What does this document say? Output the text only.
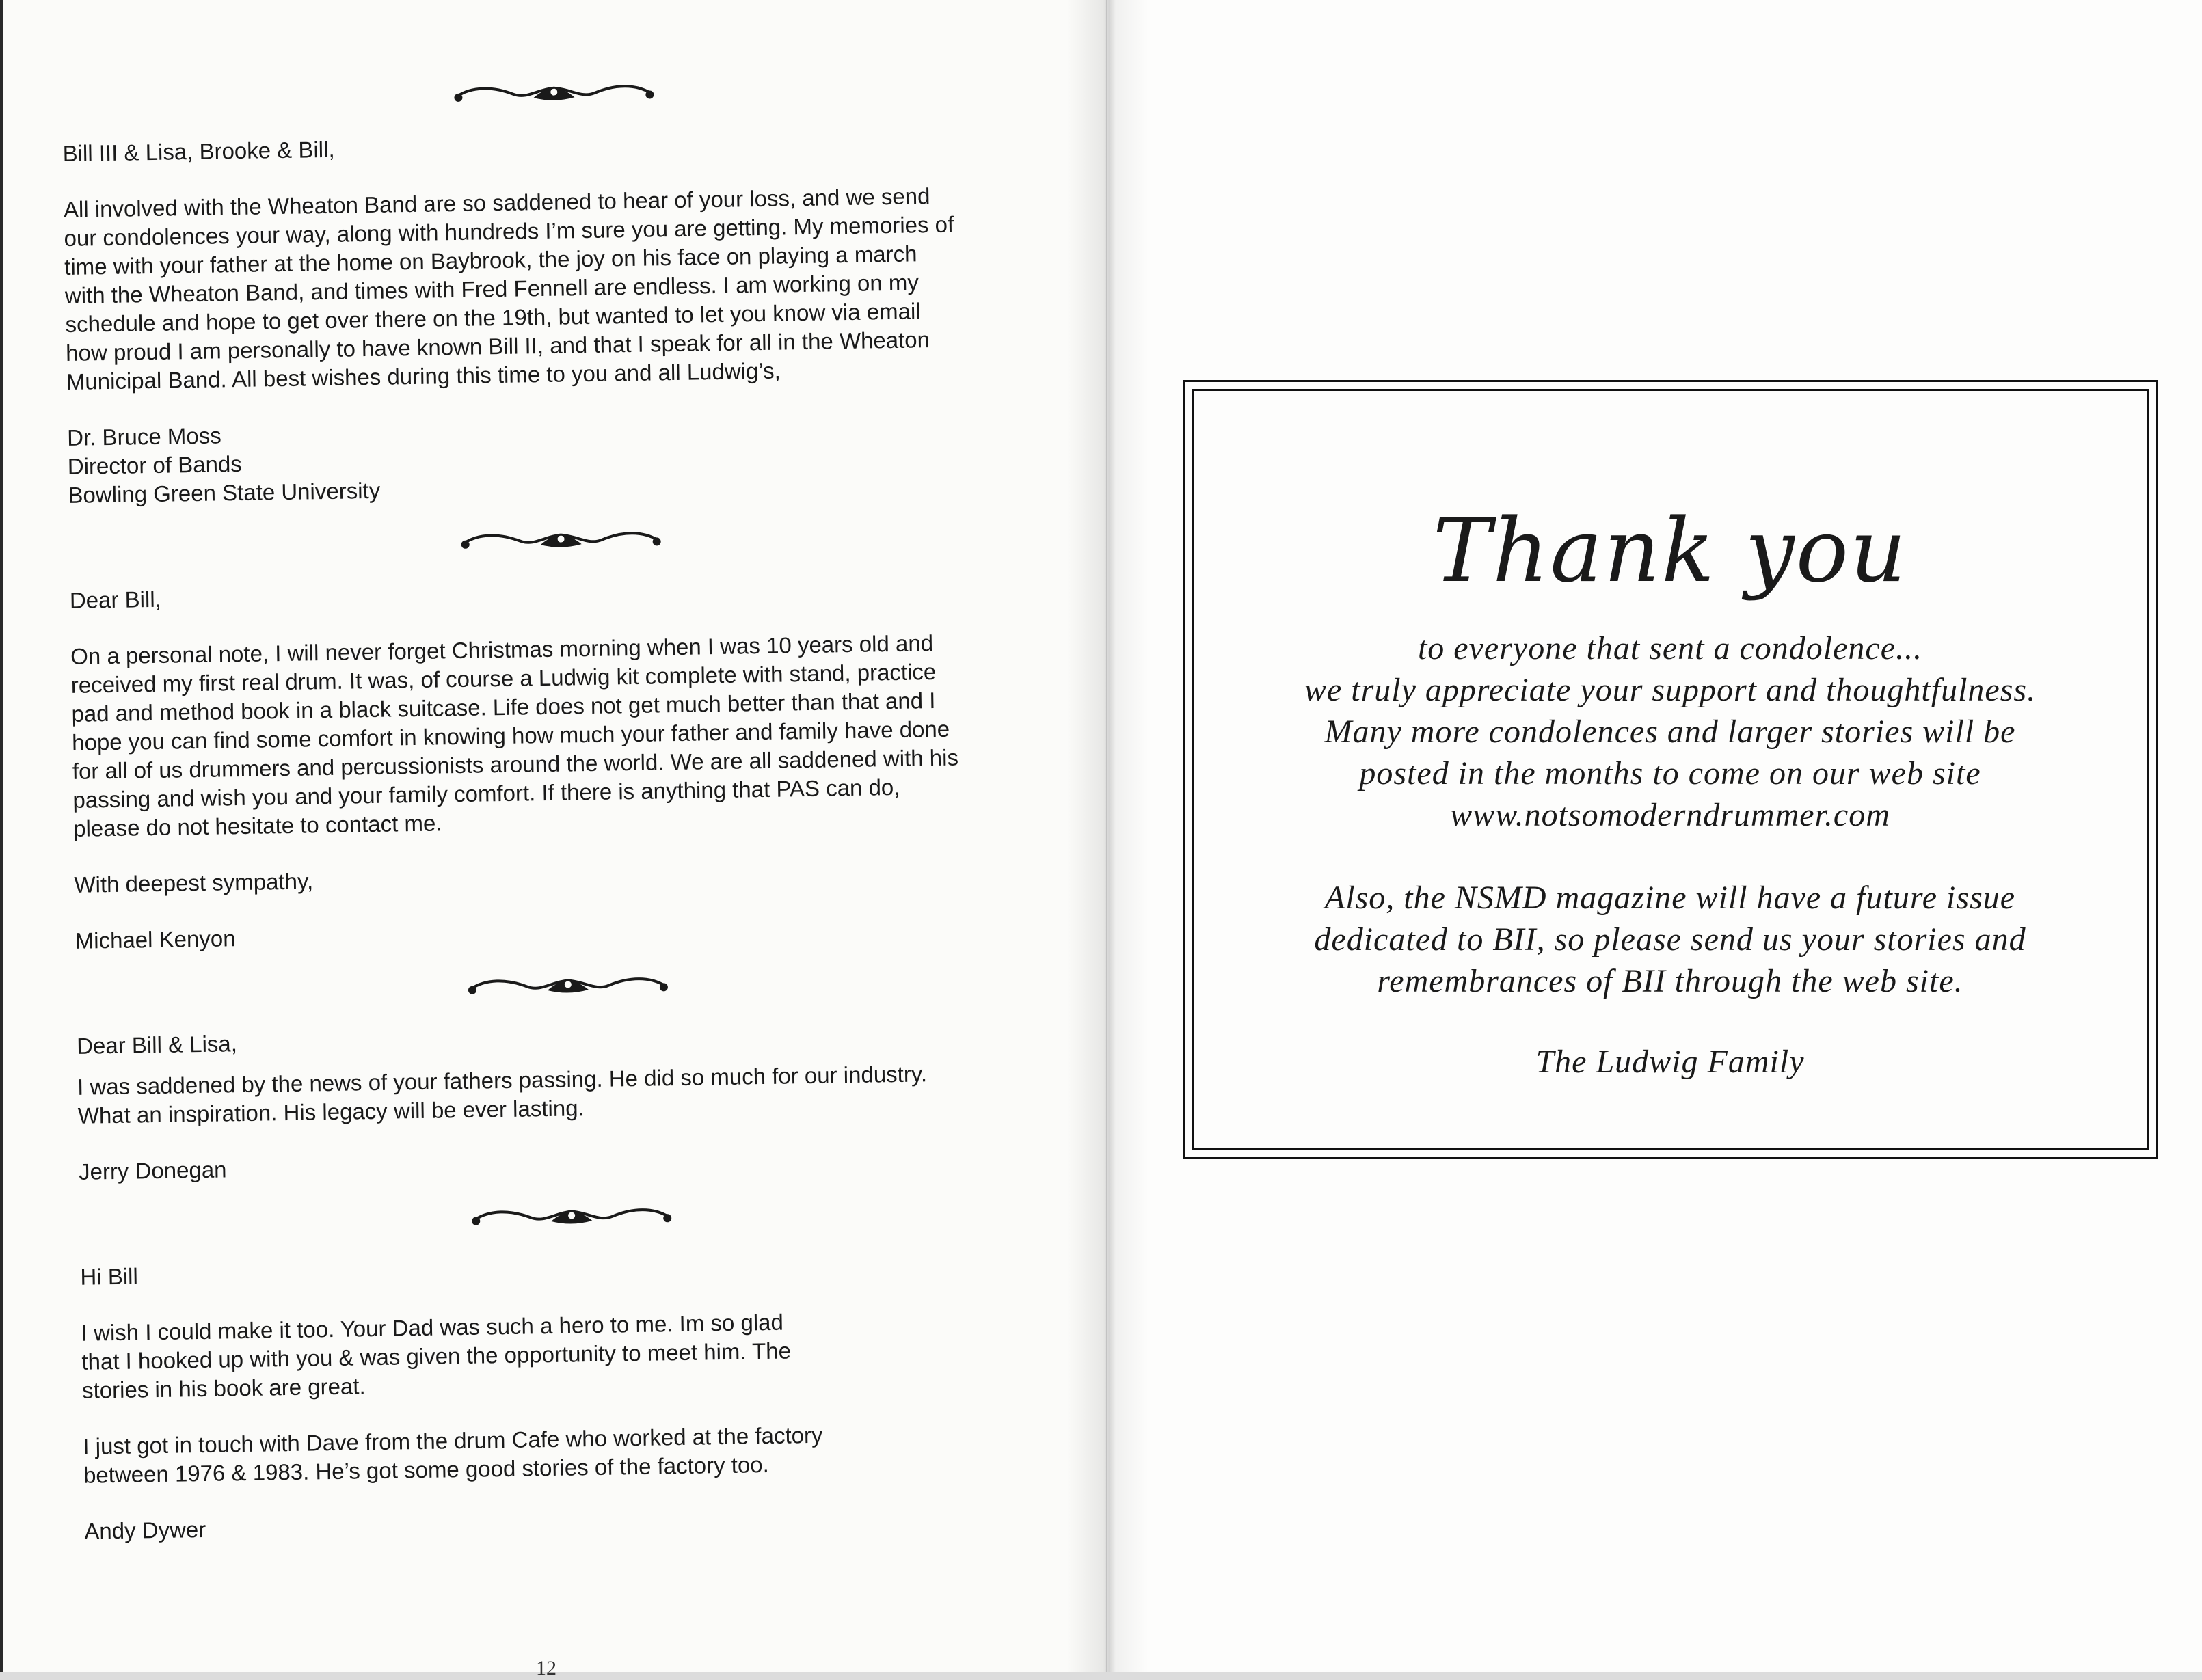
Bill III & Lisa, Brooke & Bill,

All involved with the Wheaton Band are so saddened to hear of your loss, and we send
our condolences your way, along with hundreds I’m sure you are getting. My memories of
time with your father at the home on Baybrook, the joy on his face on playing a march
with the Wheaton Band, and times with Fred Fennell are endless. I am working on my
schedule and hope to get over there on the 19th, but wanted to let you know via email
how proud I am personally to have known Bill II, and that I speak for all in the Wheaton
Municipal Band. All best wishes during this time to you and all Ludwig’s,

Dr. Bruce Moss
Director of Bands
Bowling Green State University

Dear Bill,

On a personal note, I will never forget Christmas morning when I was 10 years old and
received my first real drum. It was, of course a Ludwig kit complete with stand, practice
pad and method book in a black suitcase. Life does not get much better than that and I
hope you can find some comfort in knowing how much your father and family have done
for all of us drummers and percussionists around the world. We are all saddened with his
passing and wish you and your family comfort. If there is anything that PAS can do,
please do not hesitate to contact me.

With deepest sympathy,

Michael Kenyon

Dear Bill & Lisa,

I was saddened by the news of your fathers passing. He did so much for our industry.
What an inspiration. His legacy will be ever lasting.

Jerry Donegan

Hi Bill

I wish I could make it too. Your Dad was such a hero to me. Im so glad
that I hooked up with you & was given the opportunity to meet him. The
stories in his book are great.

I just got in touch with Dave from the drum Cafe who worked at the factory
between 1976 & 1983. He’s got some good stories of the factory too.

Andy Dywer

12
Thank you
to everyone that sent a condolence...
we truly appreciate your support and thoughtfulness.
Many more condolences and larger stories will be
posted in the months to come on our web site
www.notsomoderndrummer.com
Also, the NSMD magazine will have a future issue
dedicated to BII, so please send us your stories and
remembrances of BII through the web site.
The Ludwig Family
